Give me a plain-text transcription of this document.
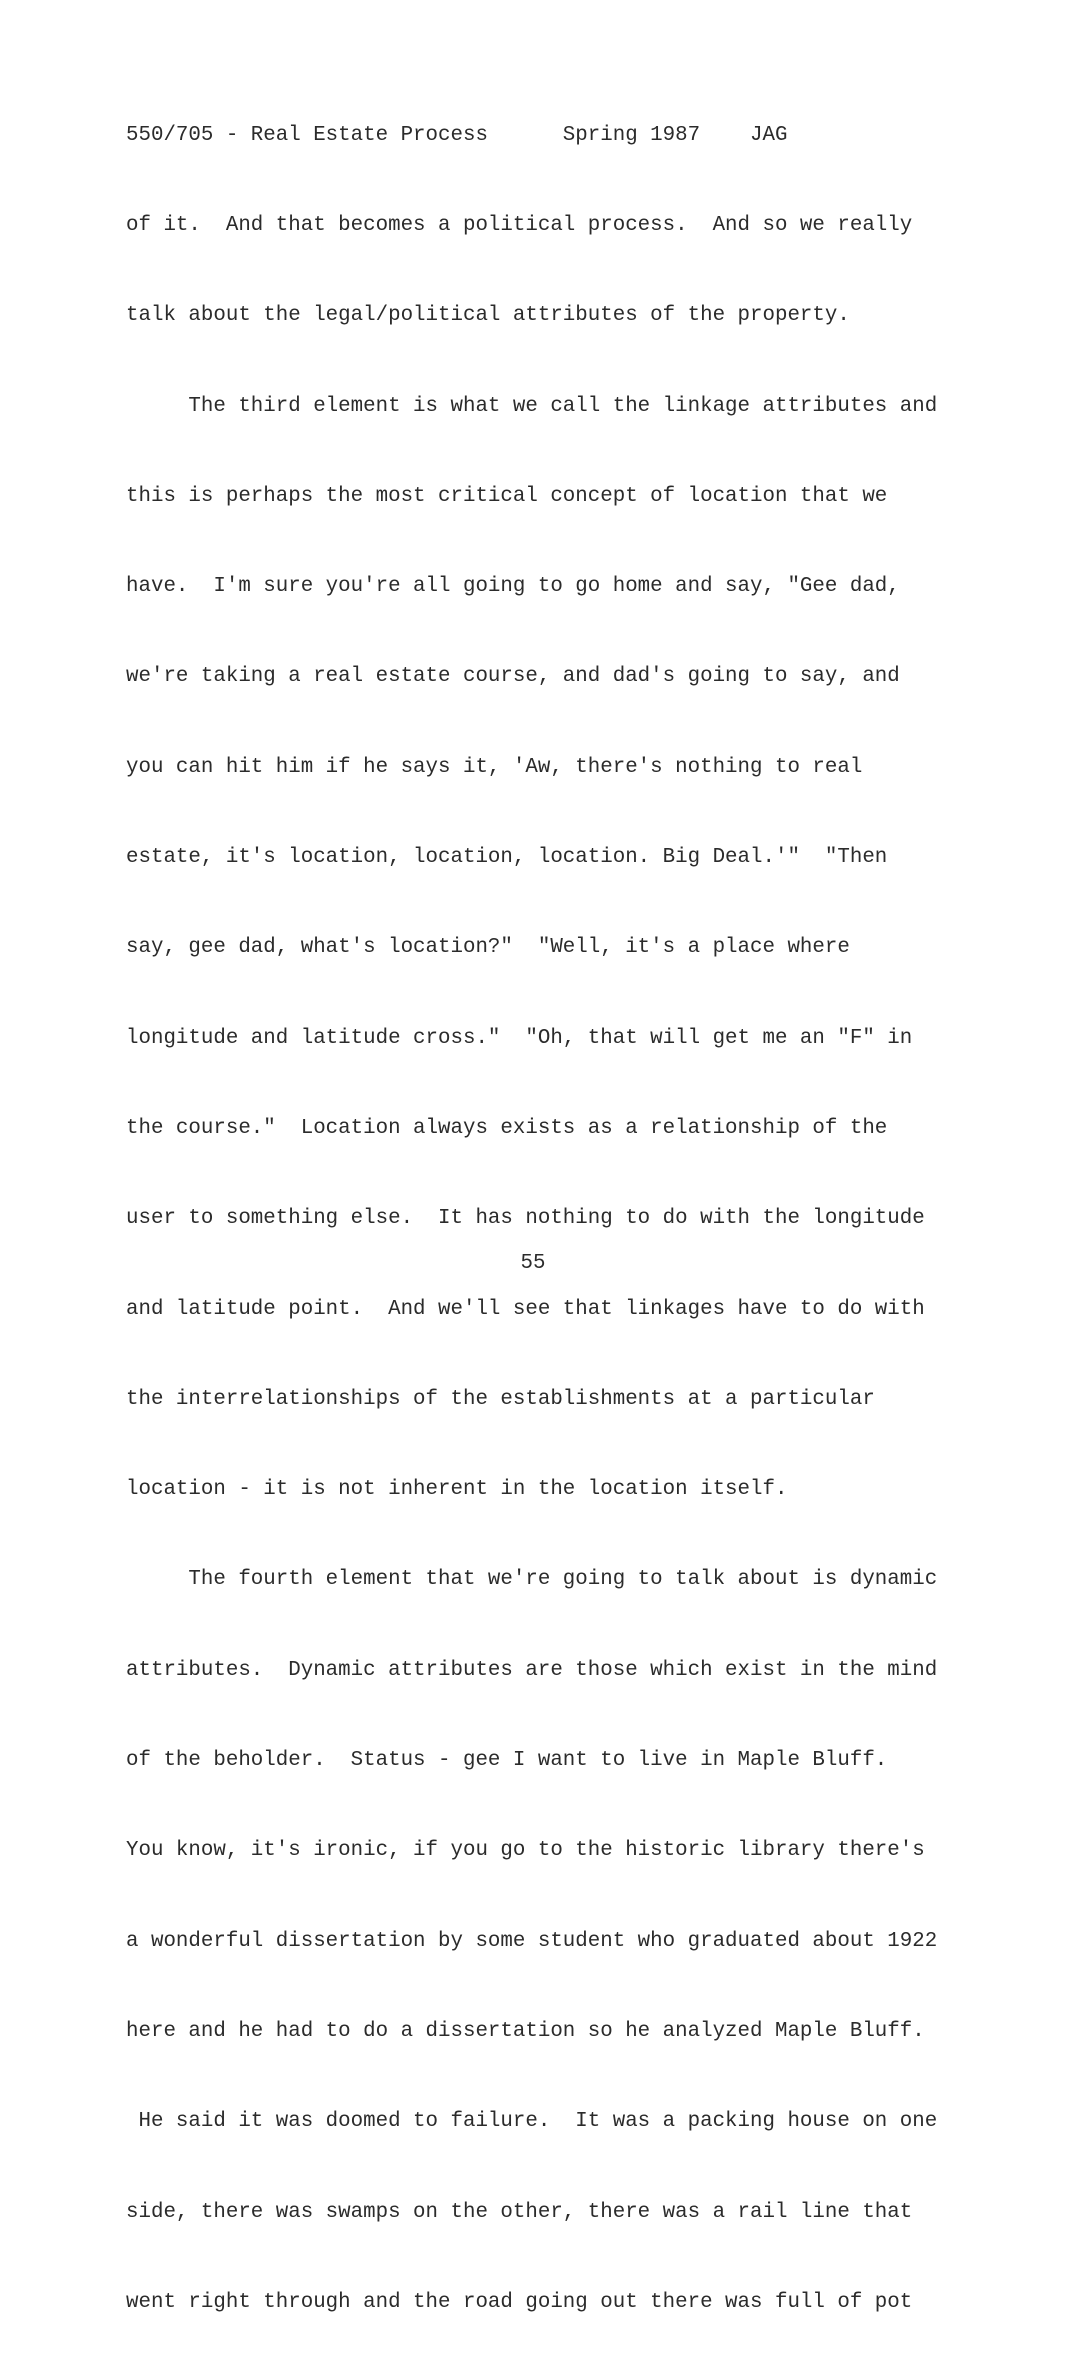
550/705 - Real Estate Process      Spring 1987    JAG

of it.  And that becomes a political process.  And so we really

talk about the legal/political attributes of the property.

The third element is what we call the linkage attributes and

this is perhaps the most critical concept of location that we

have.  I'm sure you're all going to go home and say, "Gee dad,

we're taking a real estate course, and dad's going to say, and

you can hit him if he says it, 'Aw, there's nothing to real

estate, it's location, location, location. Big Deal.'"  "Then

say, gee dad, what's location?"  "Well, it's a place where

longitude and latitude cross."  "Oh, that will get me an "F" in

the course."  Location always exists as a relationship of the

user to something else.  It has nothing to do with the longitude

and latitude point.  And we'll see that linkages have to do with

the interrelationships of the establishments at a particular

location - it is not inherent in the location itself.

The fourth element that we're going to talk about is dynamic

attributes.  Dynamic attributes are those which exist in the mind

of the beholder.  Status - gee I want to live in Maple Bluff.

You know, it's ironic, if you go to the historic library there's

a wonderful dissertation by some student who graduated about 1922

here and he had to do a dissertation so he analyzed Maple Bluff.

He said it was doomed to failure.  It was a packing house on one

side, there was swamps on the other, there was a rail line that

went right through and the road going out there was full of pot

55
